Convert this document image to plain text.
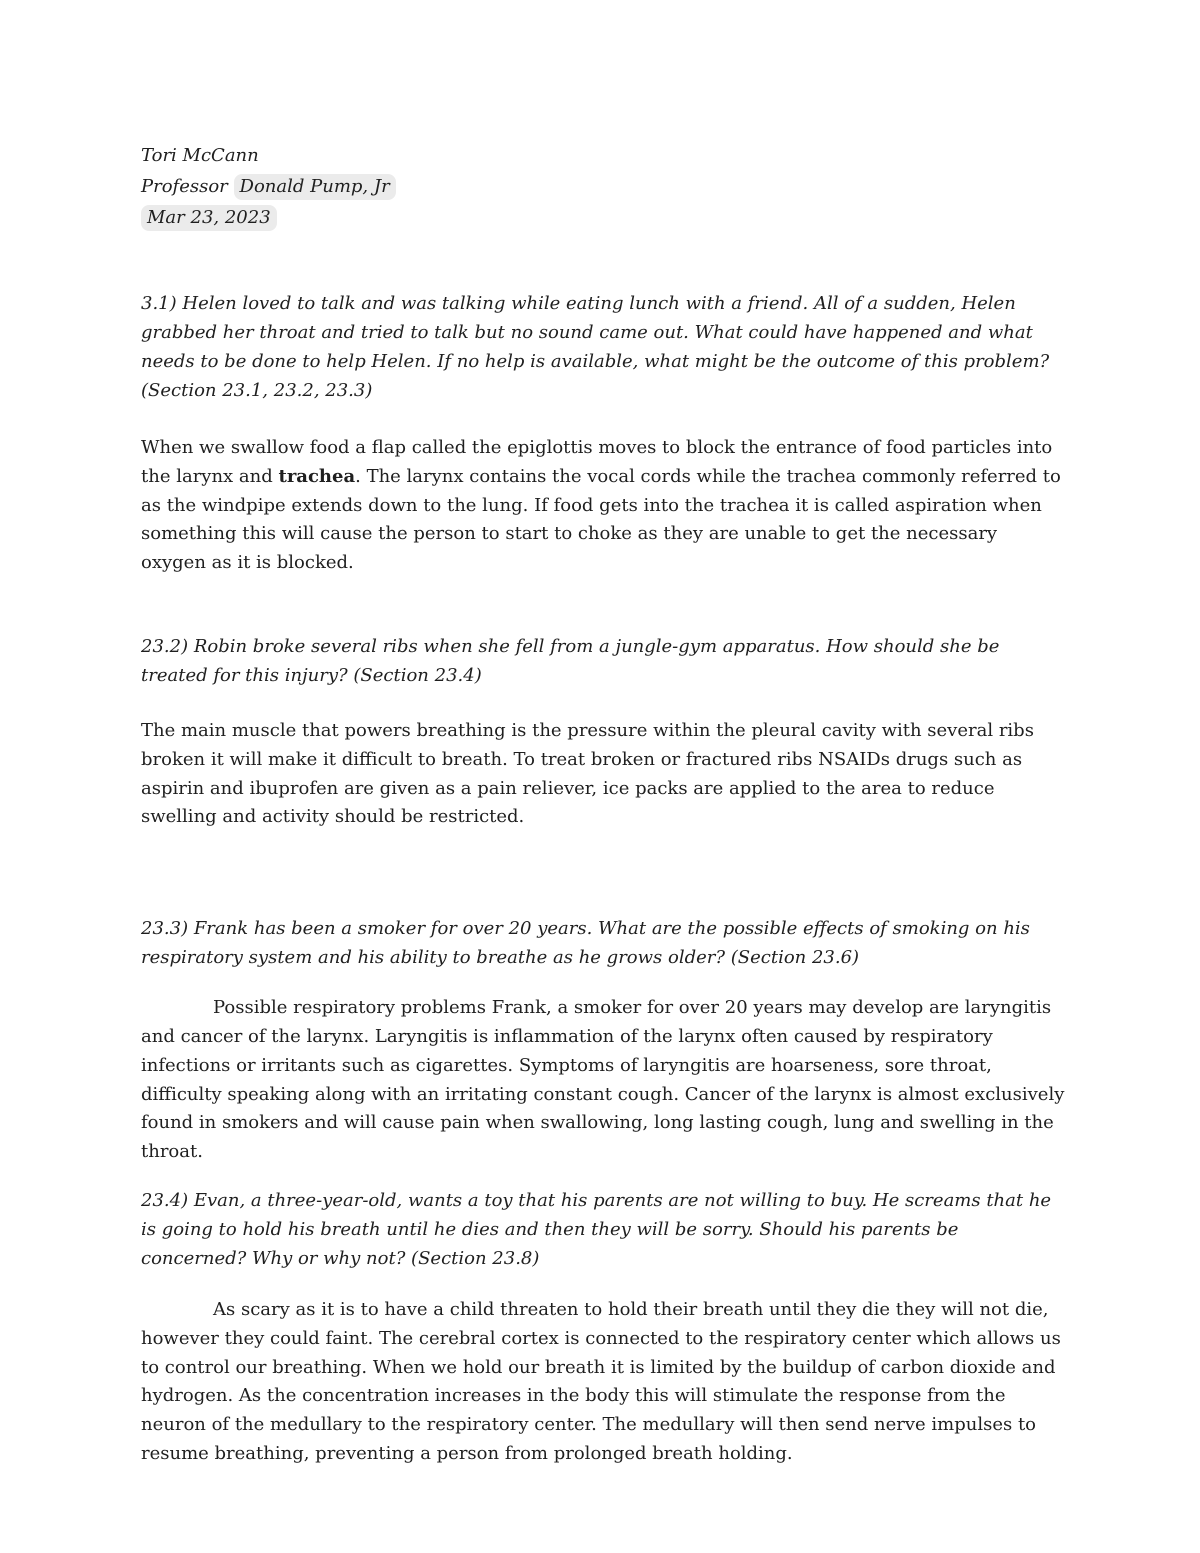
Tori McCann
Professor Donald Pump, Jr
Mar 23, 2023

3.1) Helen loved to talk and was talking while eating lunch with a friend. All of a sudden, Helen grabbed her throat and tried to talk but no sound came out. What could have happened and what needs to be done to help Helen. If no help is available, what might be the outcome of this problem? (Section 23.1, 23.2, 23.3)

When we swallow food a flap called the epiglottis moves to block the entrance of food particles into the larynx and trachea. The larynx contains the vocal cords while the trachea commonly referred to as the windpipe extends down to the lung. If food gets into the trachea it is called aspiration when something this will cause the person to start to choke as they are unable to get the necessary oxygen as it is blocked.

23.2) Robin broke several ribs when she fell from a jungle-gym apparatus. How should she be treated for this injury? (Section 23.4)

The main muscle that powers breathing is the pressure within the pleural cavity with several ribs broken it will make it difficult to breath. To treat broken or fractured ribs NSAIDs drugs such as aspirin and ibuprofen are given as a pain reliever, ice packs are applied to the area to reduce swelling and activity should be restricted.

23.3) Frank has been a smoker for over 20 years. What are the possible effects of smoking on his respiratory system and his ability to breathe as he grows older? (Section 23.6)

Possible respiratory problems Frank, a smoker for over 20 years may develop are laryngitis and cancer of the larynx. Laryngitis is inflammation of the larynx often caused by respiratory infections or irritants such as cigarettes. Symptoms of laryngitis are hoarseness, sore throat, difficulty speaking along with an irritating constant cough. Cancer of the larynx is almost exclusively found in smokers and will cause pain when swallowing, long lasting cough, lung and swelling in the throat.

23.4) Evan, a three-year-old, wants a toy that his parents are not willing to buy. He screams that he is going to hold his breath until he dies and then they will be sorry. Should his parents be concerned? Why or why not? (Section 23.8)

As scary as it is to have a child threaten to hold their breath until they die they will not die, however they could faint. The cerebral cortex is connected to the respiratory center which allows us to control our breathing. When we hold our breath it is limited by the buildup of carbon dioxide and hydrogen. As the concentration increases in the body this will stimulate the response from the neuron of the medullary to the respiratory center. The medullary will then send nerve impulses to resume breathing, preventing a person from prolonged breath holding.
